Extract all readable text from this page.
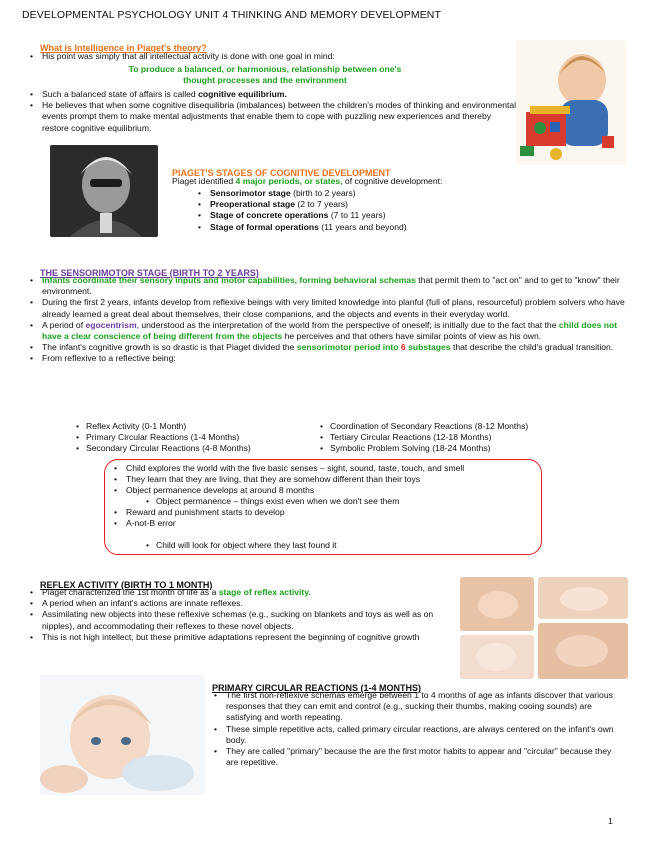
DEVELOPMENTAL PSYCHOLOGY UNIT 4 THINKING AND MEMORY DEVELOPMENT
What is Intelligence in Piaget's theory?
• His point was simply that all intellectual activity is done with one goal in mind:
To produce a balanced, or harmonious, relationship between one's
thought processes and the environment
• Such a balanced state of affairs is called cognitive equilibrium.
• He believes that when some cognitive disequilibria (imbalances) between the children's modes of thinking and environmental events prompt them to make mental adjustments that enable them to cope with puzzling new experiences and thereby restore cognitive equilibrium.
PIAGET'S STAGES OF COGNITIVE DEVELOPMENT
Piaget identified 4 major periods, or states, of cognitive development:
• Sensorimotor stage (birth to 2 years)
• Preoperational stage (2 to 7 years)
• Stage of concrete operations (7 to 11 years)
• Stage of formal operations (11 years and beyond)
THE SENSORIMOTOR STAGE (BIRTH TO 2 YEARS)
• Infants coordinate their sensory inputs and motor capabilities, forming behavioral schemas that permit them to "act on" and to get to "know" their environment.
• During the first 2 years, infants develop from reflexive beings with very limited knowledge into planful (full of plans, resourceful) problem solvers who have already learned a great deal about themselves, their close companions, and the objects and events in their everyday world.
• A period of egocentrism, understood as the interpretation of the world from the perspective of oneself; is initially due to the fact that the child does not have a clear conscience of being different from the objects he perceives and that others have similar points of view as his own.
• The infant's cognitive growth is so drastic is that Piaget divided the sensorimotor period into 6 substages that describe the child's gradual transition.
• From reflexive to a reflective being:
• Reflex Activity (0-1 Month)
• Primary Circular Reactions (1-4 Months)
• Secondary Circular Reactions (4-8 Months)
• Coordination of Secondary Reactions (8-12 Months)
• Tertiary Circular Reactions (12-18 Months)
• Symbolic Problem Solving (18-24 Months)
• Child explores the world with the five basic senses – sight, sound, taste, touch, and smell
• They learn that they are living, that they are somehow different than their toys
• Object permanence develops at around 8 months
• Object permanence – things exist even when we don't see them
• Reward and punishment starts to develop
• A-not-B error
• Child will look for object where they last found it
REFLEX ACTIVITY (BIRTH TO 1 MONTH)
• Piaget characterized the 1st month of life as a stage of reflex activity.
• A period when an infant's actions are innate reflexes.
• Assimilating new objects into these reflexive schemas (e.g., sucking on blankets and toys as well as on nipples), and accommodating their reflexes to these novel objects.
• This is not high intellect, but these primitive adaptations represent the beginning of cognitive growth
PRIMARY CIRCULAR REACTIONS (1-4 MONTHS)
• The first non-reflexive schemas emerge between 1 to 4 months of age as infants discover that various responses that they can emit and control (e.g., sucking their thumbs, making cooing sounds) are satisfying and worth repeating.
• These simple repetitive acts, called primary circular reactions, are always centered on the infant's own body.
• They are called "primary" because the are the first motor habits to appear and "circular" because they are repetitive.
1
